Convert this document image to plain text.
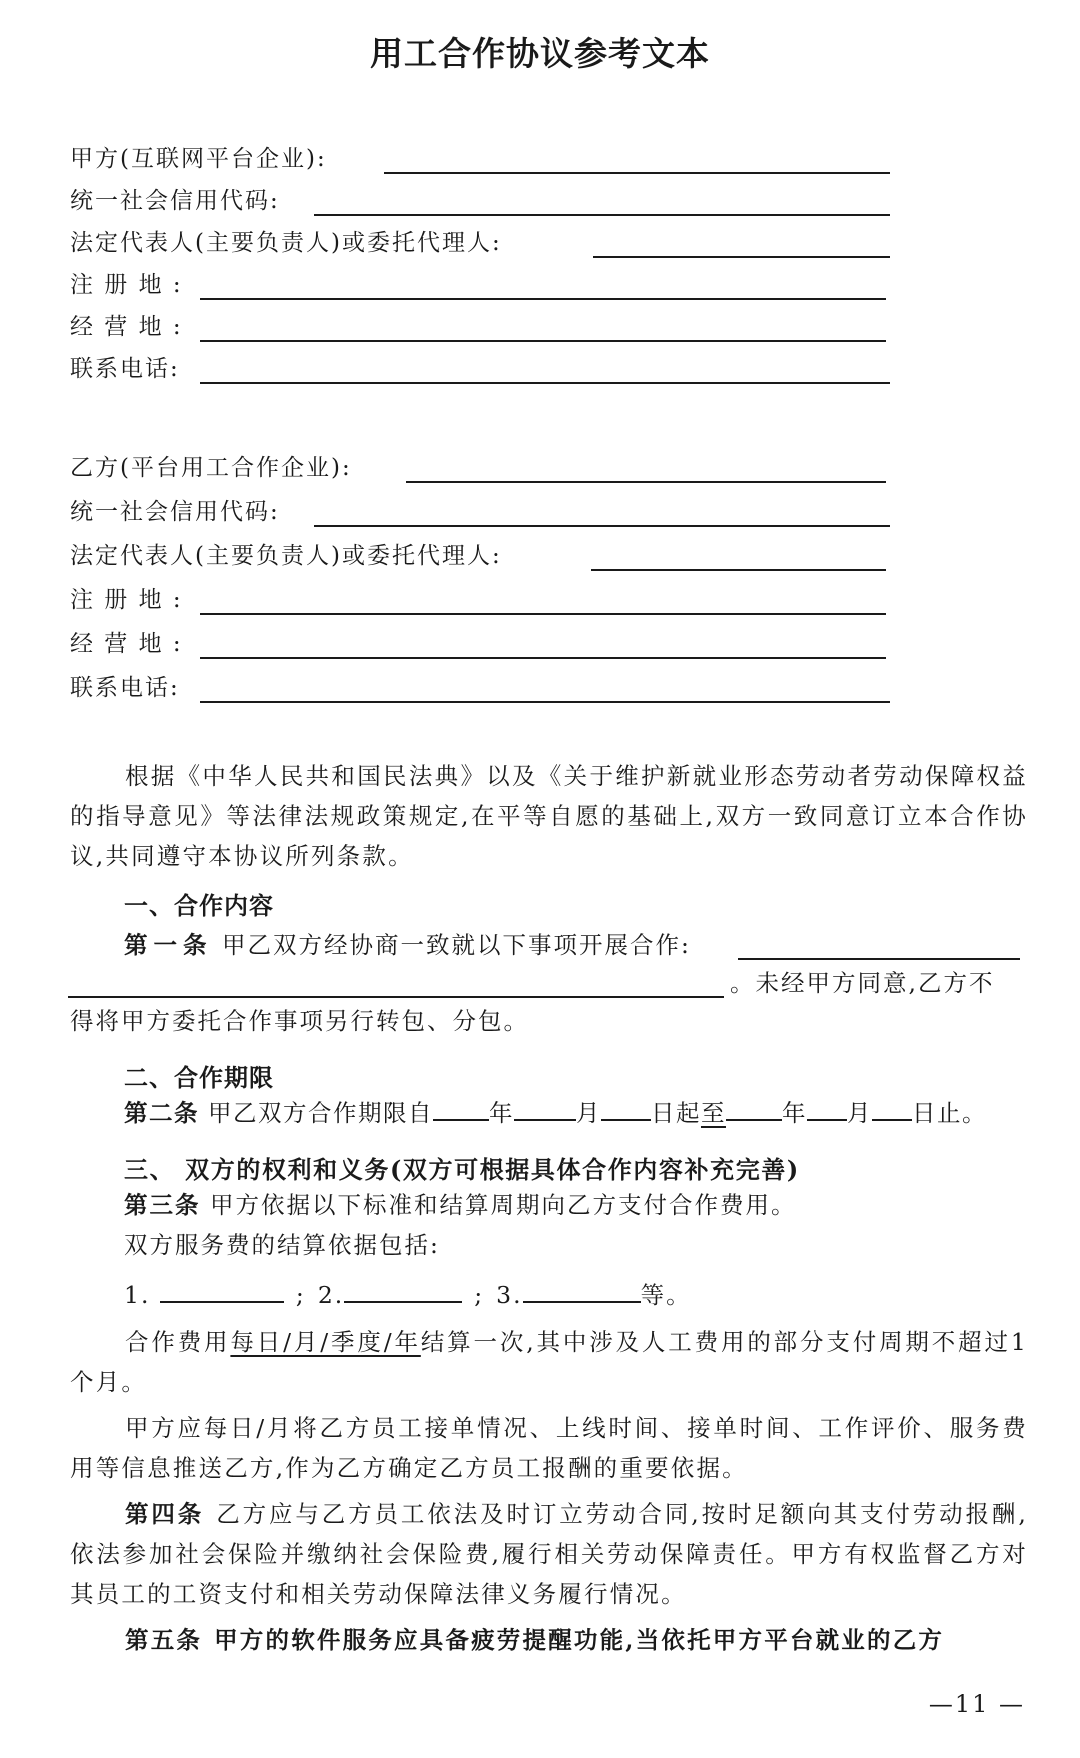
用工合作协议参考文本
甲方(互联网平台企业):
统一社会信用代码:
法定代表人(主要负责人)或委托代理人:
注 册 地 :
经 营 地 :
联系电话:
乙方(平台用工合作企业):
统一社会信用代码:
法定代表人(主要负责人)或委托代理人:
注 册 地 :
经 营 地 :
联系电话:
根据《中华人民共和国民法典》以及《关于维护新就业形态劳动者劳动保障权益的指导意见》等法律法规政策规定,在平等自愿的基础上,双方一致同意订立本合作协议,共同遵守本协议所列条款。
一、合作内容
第一条 甲乙双方经协商一致就以下事项开展合作:
。未经甲方同意,乙方不
得将甲方委托合作事项另行转包、分包。
二、合作期限
第二条 甲乙双方合作期限自 年	月 日起至 年 月 日止。
三、 双方的权利和义务(双方可根据具体合作内容补充完善)
第三条 甲方依据以下标准和结算周期向乙方支付合作费用。
双方服务费的结算依据包括:
1.	; 2.	; 3.	等。
合作费用每日/月/季度/年结算一次,其中涉及人工费用的部分支付周期不超过1个月。
甲方应每日/月将乙方员工接单情况、上线时间、接单时间、工作评价、服务费用等信息推送乙方,作为乙方确定乙方员工报酬的重要依据。
第四条 乙方应与乙方员工依法及时订立劳动合同,按时足额向其支付劳动报酬,依法参加社会保险并缴纳社会保险费,履行相关劳动保障责任。甲方有权监督乙方对其员工的工资支付和相关劳动保障法律义务履行情况。
第五条 甲方的软件服务应具备疲劳提醒功能,当依托甲方平台就业的乙方
—11 —
